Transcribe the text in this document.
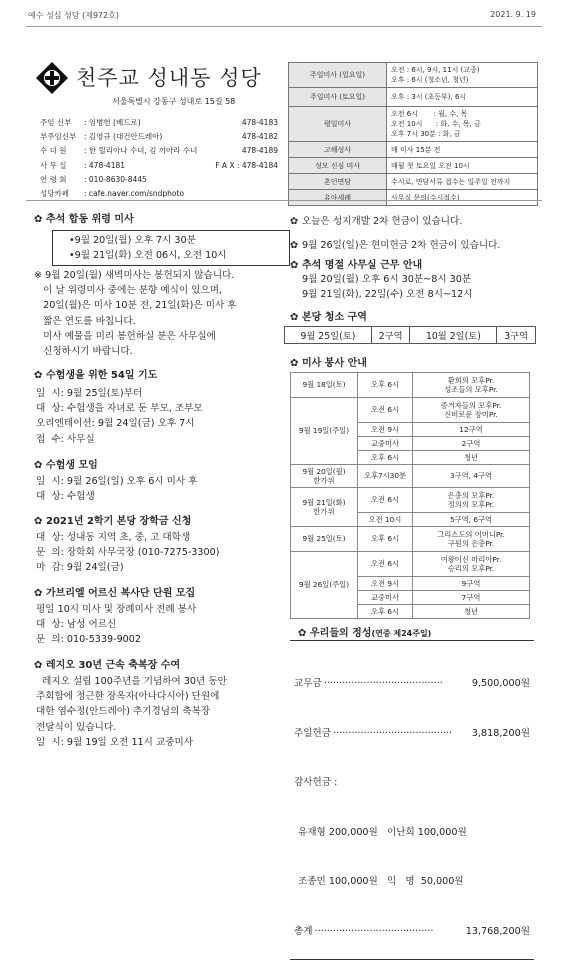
예수 성심 성당 (제972호)	2021. 9. 19
천주교 성내동 성당
서울특별시 강동구 성내로 15길 58
주임 신부	: 임병헌 (베드로)	478-4183
부주임신부	: 김영규 (대건안드레아)	478-4182
수 녀 원	: 한 릴리아나 수녀, 김 끼아라 수녀	478-4189
사 무 실	: 478-4181	F A X : 478-4184
연 령 회	: 010-8630-8445
성당카페	: cafe.naver.com/sndphoto
주일미사 (일요일)	오전 : 6시, 9시, 11시 (교중)
오후 : 6시 (청소년, 청년)
주일미사 (토요일)	오후 : 3시 (초등부), 6시
평일미사	오전 6시       : 월, 수, 목
오전 10시      : 화, 수, 목, 금
오후 7시 30분 : 화, 금
고해성사	매 미사 15분 전
성모 신심 미사	매월 첫 토요일 오전 10시
혼인면담	수시로, 면담서류 접수는 일주일 전까지
유아세례	사무실 문의(수시접수)
✿ 추석 합동 위령 미사
•9월 20일(월) 오후 7시 30분
•9월 21일(화) 오전 06시, 오전 10시
※ 9월 20일(월) 새벽미사는 봉헌되지 않습니다.
이 날 위령미사 중에는 분향 예식이 있으며,
20일(월)은 미사 10분 전, 21일(화)은 미사 후
짧은 연도를 바칩니다.
미사 예물을 미리 봉헌하실 분은 사무실에
신청하시기 바랍니다.
✿ 수험생을 위한 54일 기도
일  시: 9월 25일(토)부터
대  상: 수험생을 자녀로 둔 부모, 조부모
오리엔테이션: 9월 24일(금) 오후 7시
접  수: 사무실
✿ 수험생 모임
일  시: 9월 26일(일) 오후 6시 미사 후
대  상: 수험생
✿ 2021년 2학기 본당 장학금 신청
대  상: 성내동 지역 초, 중, 고 대학생
문  의: 장학회 사무국장 (010-7275-3300)
마  감: 9월 24일(금)
✿ 가브리엘 어르신 복사단 단원 모집
평일 10시 미사 및 장례미사 전례 봉사
대  상: 남성 어르신
문  의: 010-5339-9002
✿ 레지오 30년 근속 축복장 수여
레지오 설립 100주년을 기념하여 30년 동안
주회합에 정근한 장옥자(아나다시아) 단원에
대한 염수정(안드레아) 추기경님의 축복장
전달식이 있습니다.
일  시: 9월 19일 오전 11시 교중미사
✿ 오늘은 성지개발 2차 헌금이 있습니다.
✿ 9월 26일(일)은 현미헌금 2차 헌금이 있습니다.
✿ 추석 명절 사무실 근무 안내
9월 20일(월) 오후 6시 30분~8시 30분
9월 21일(화), 22일(수) 오전 8시~12시
✿ 본당 청소 구역
9월 25일(토)	2구역	10월 2일(토)	3구역
✿ 미사 봉사 안내
9월 18일(토)	오후 6시	환희의 모후Pr.
성조들의 모후Pr.
9월 19일(주일)	오전 6시	증거자들의 모후Pr.
신비로운 장미Pr.
	오전 9시	12구역
	교중미사	2구역
	오후 6시	청년
9월 20일(월)
한가위	오후7시30분	3구역, 4구역
9월 21일(화)
한가위	오전 6시	은총의 모후Pr.
정의의 모후Pr.
	오전 10시	5구역, 6구역
9월 25일(토)	오후 6시	그리스도의 어머니Pr.
구원의 은총Pr.
9월 26일(주일)	오전 6시	여왕이신 마리아Pr.
승리의 모후Pr.
	오전 9시	9구역
	교중미사	7구역
	오후 6시	청년
✿ 우리들의 정성(연중 제24주일)

교무금 ·······································	9,500,000원

주일헌금 ·······································	3,818,200원

감사헌금 :

유재형 200,000원   이난희 100,000원

조종민 100,000원   익   명  50,000원

총계 ·······································	13,768,200원
